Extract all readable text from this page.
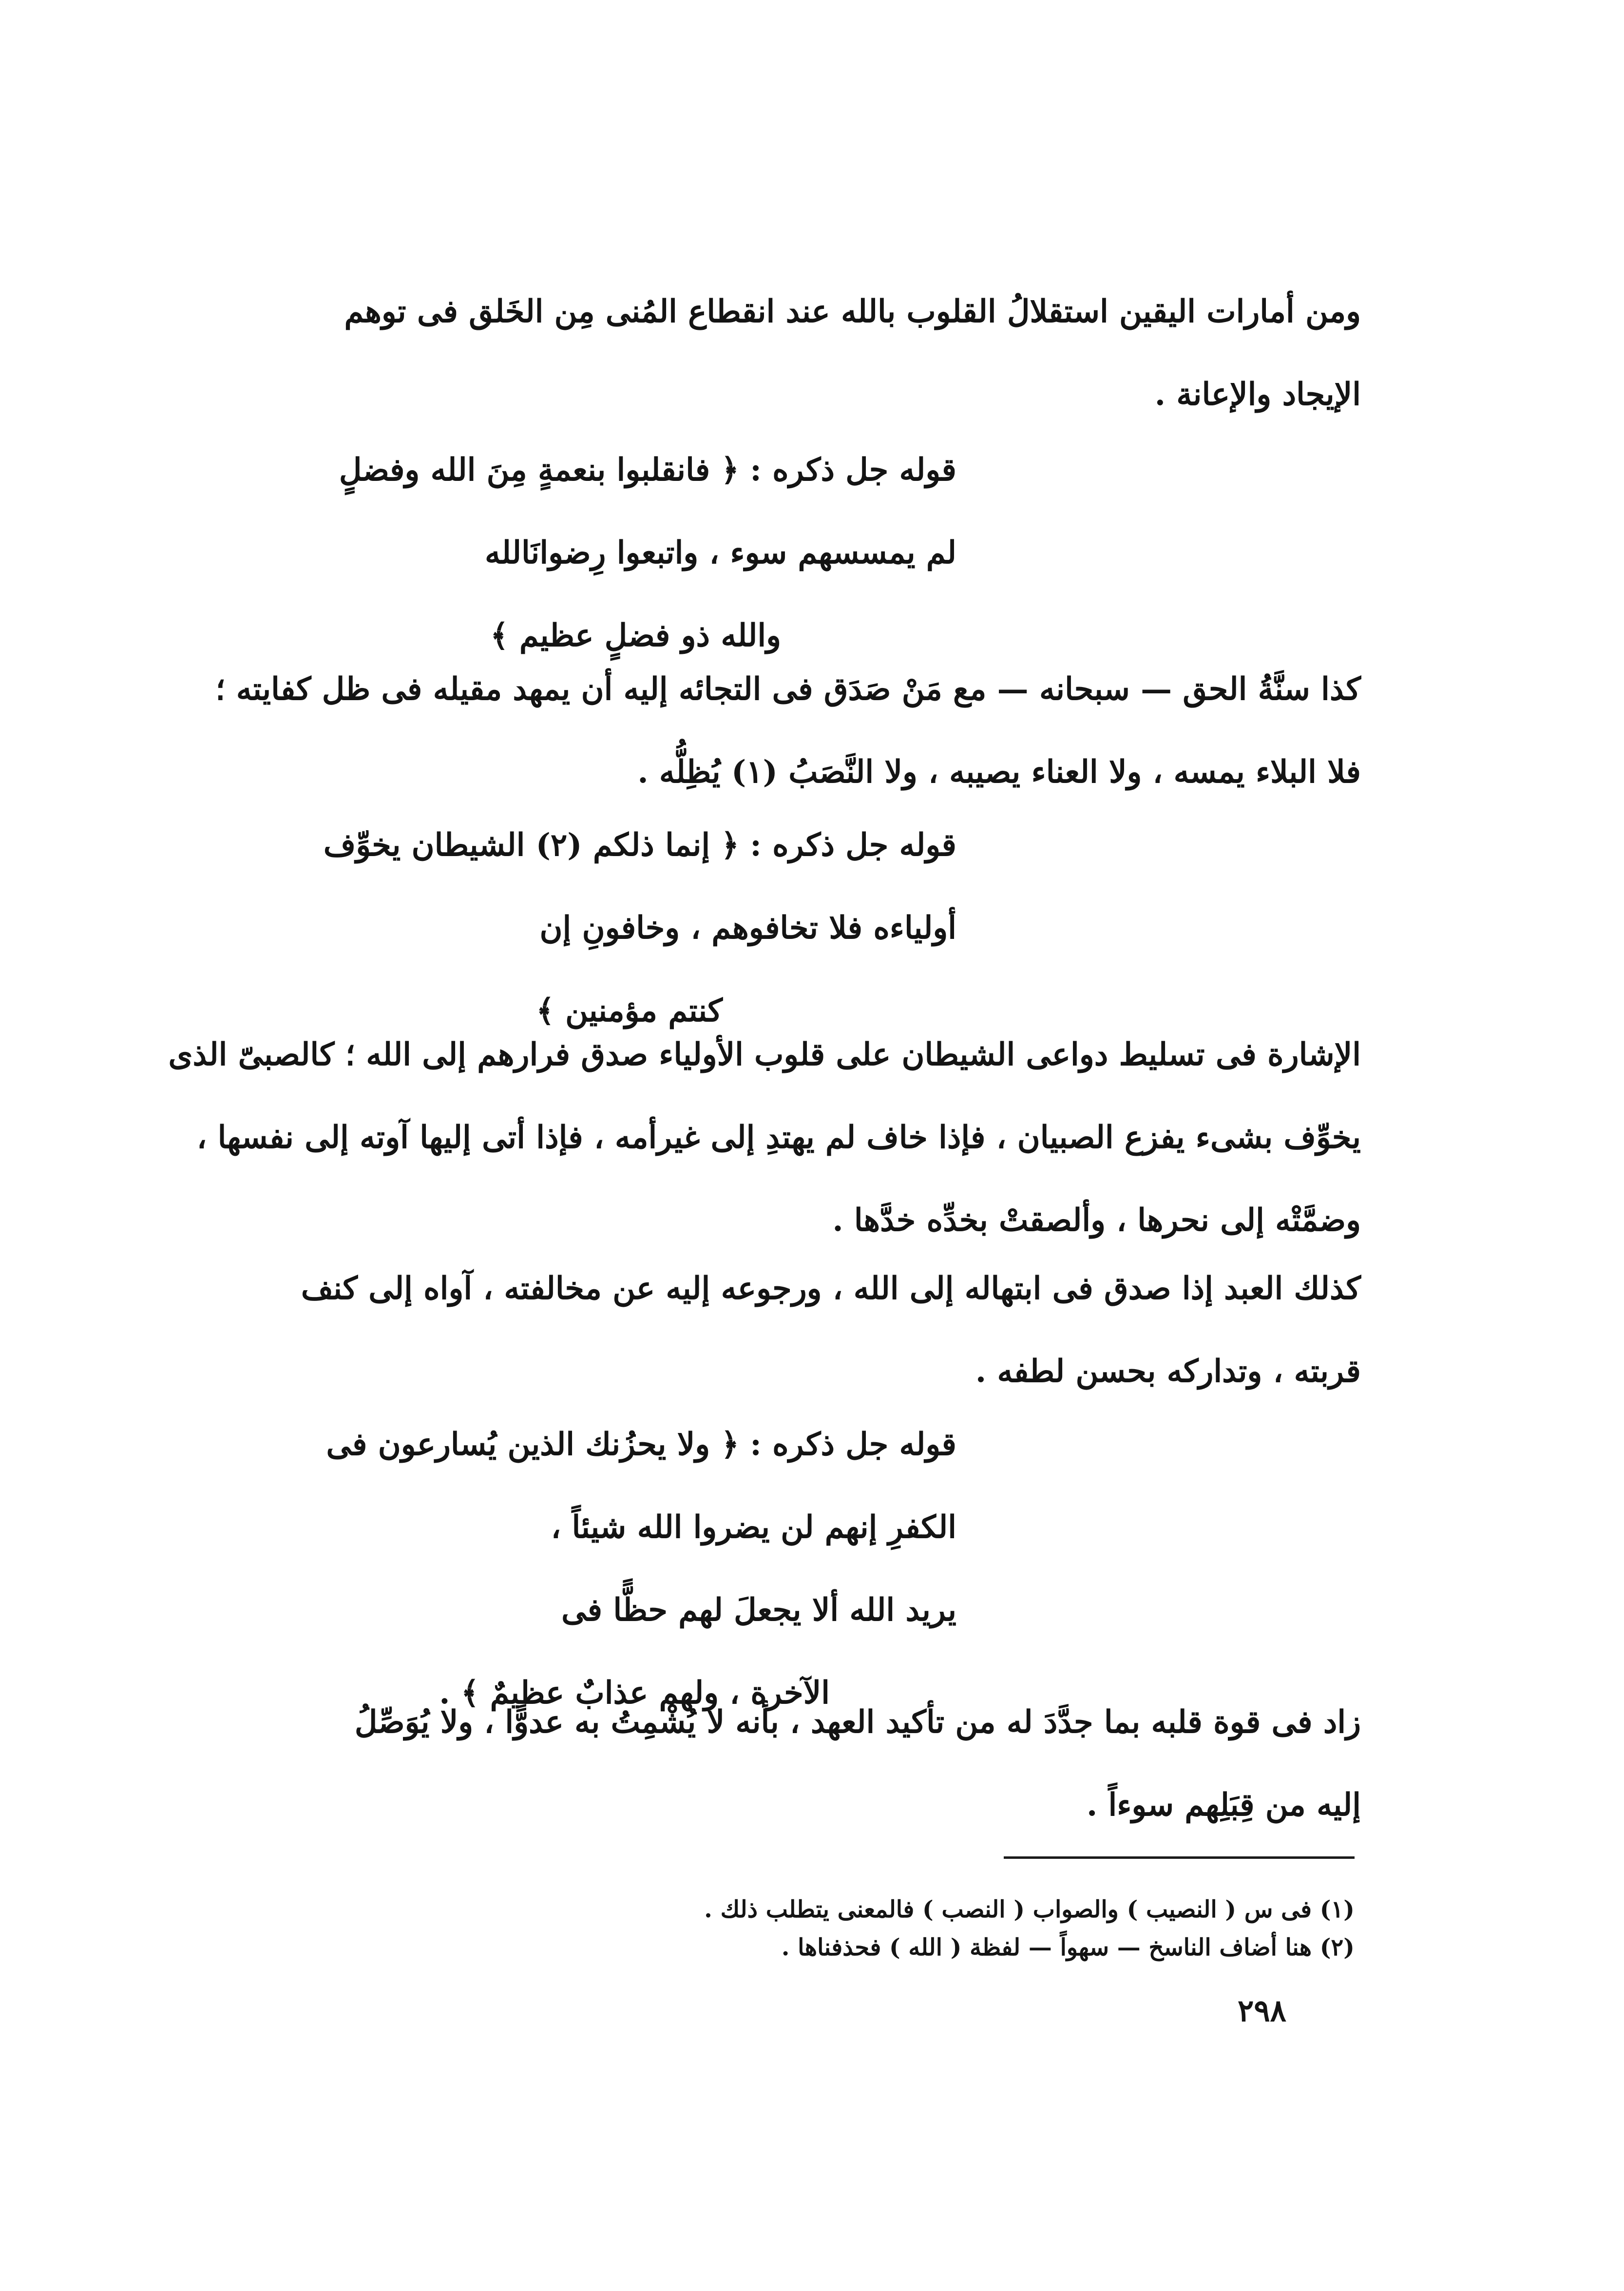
ومن أمارات اليقين استقلالُ القلوب بالله عند انقطاع المُنى مِن الخَلق فى توهم
الإيجاد والإعانة .
قوله جل ذكره : ﴿ فانقلبوا بنعمةٍ مِنَ الله وفضلٍ
لم يمسسهم سوء ، واتبعوا رِضوانَالله
والله ذو فضلٍ عظيم ﴾
كذا سنَّةُ الحق — سبحانه — مع مَنْ صَدَق فى التجائه إليه أن يمهد مقيله فى ظل كفايته ؛
فلا البلاء يمسه ، ولا العناء يصيبه ، ولا النَّصَبُ (١) يُظِلُّه .
قوله جل ذكره : ﴿ إنما ذلكم (٢) الشيطان يخوِّف
أولياءه فلا تخافوهم ، وخافونِ إن
كنتم مؤمنين ﴾
الإشارة فى تسليط دواعى الشيطان على قلوب الأولياء صدق فرارهم إلى الله ؛ كالصبىّ الذى
يخوِّف بشىء يفزع الصبيان ، فإذا خاف لم يهتدِ إلى غيرأمه ، فإذا أتى إليها آوته إلى نفسها ،
وضمَّتْه إلى نحرها ، وألصقتْ بخدِّه خدَّها .
كذلك العبد إذا صدق فى ابتهاله إلى الله ، ورجوعه إليه عن مخالفته ، آواه إلى كنف
قربته ، وتداركه بحسن لطفه .
قوله جل ذكره : ﴿ ولا يحزُنك الذين يُسارعون فى
الكفرِ إنهم لن يضروا الله شيئاً ،
يريد الله ألا يجعلَ لهم حظًّا فى
الآخرة ، ولهم عذابٌ عظيمٌ ﴾ .
زاد فى قوة قلبه بما جدَّدَ له من تأكيد العهد ، بأنه لا يُشْمِتُ به عدوًّا ، ولا يُوَصِّلُ
إليه من قِبَلِهم سوءاً .
(١) فى س ( النصيب ) والصواب ( النصب ) فالمعنى يتطلب ذلك .
(٢) هنا أضاف الناسخ — سهواً — لفظة ( الله ) فحذفناها .
٢٩٨
